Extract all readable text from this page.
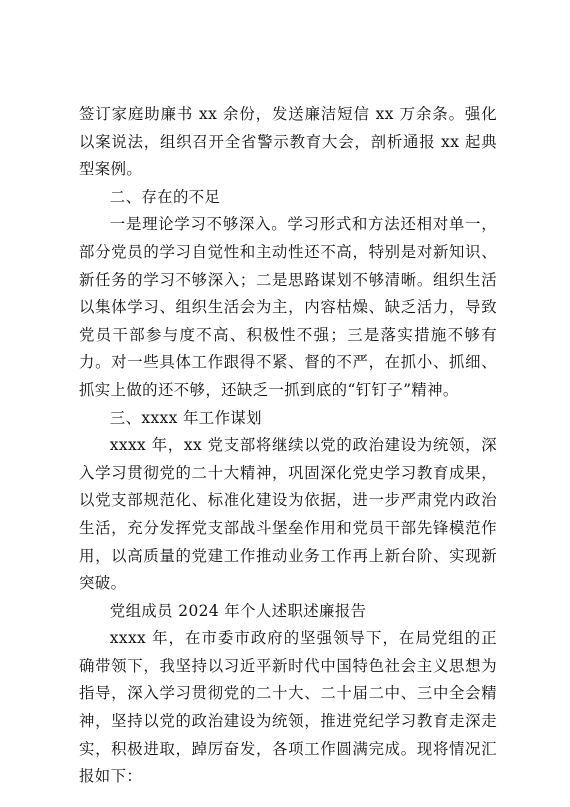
签订家庭助廉书 xx 余份，发送廉洁短信 xx 万余条。强化以案说法，组织召开全省警示教育大会，剖析通报 xx 起典型案例。

二、存在的不足

一是理论学习不够深入。学习形式和方法还相对单一，部分党员的学习自觉性和主动性还不高，特别是对新知识、新任务的学习不够深入；二是思路谋划不够清晰。组织生活以集体学习、组织生活会为主，内容枯燥、缺乏活力，导致党员干部参与度不高、积极性不强；三是落实措施不够有力。对一些具体工作跟得不紧、督的不严，在抓小、抓细、抓实上做的还不够，还缺乏一抓到底的“钉钉子”精神。

三、xxxx 年工作谋划

xxxx 年，xx 党支部将继续以党的政治建设为统领，深入学习贯彻党的二十大精神，巩固深化党史学习教育成果，以党支部规范化、标准化建设为依据，进一步严肃党内政治生活，充分发挥党支部战斗堡垒作用和党员干部先锋模范作用，以高质量的党建工作推动业务工作再上新台阶、实现新突破。

党组成员 2024 年个人述职述廉报告

xxxx 年，在市委市政府的坚强领导下，在局党组的正确带领下，我坚持以习近平新时代中国特色社会主义思想为指导，深入学习贯彻党的二十大、二十届二中、三中全会精神，坚持以党的政治建设为统领，推进党纪学习教育走深走实，积极进取，踔厉奋发，各项工作圆满完成。现将情况汇报如下：
